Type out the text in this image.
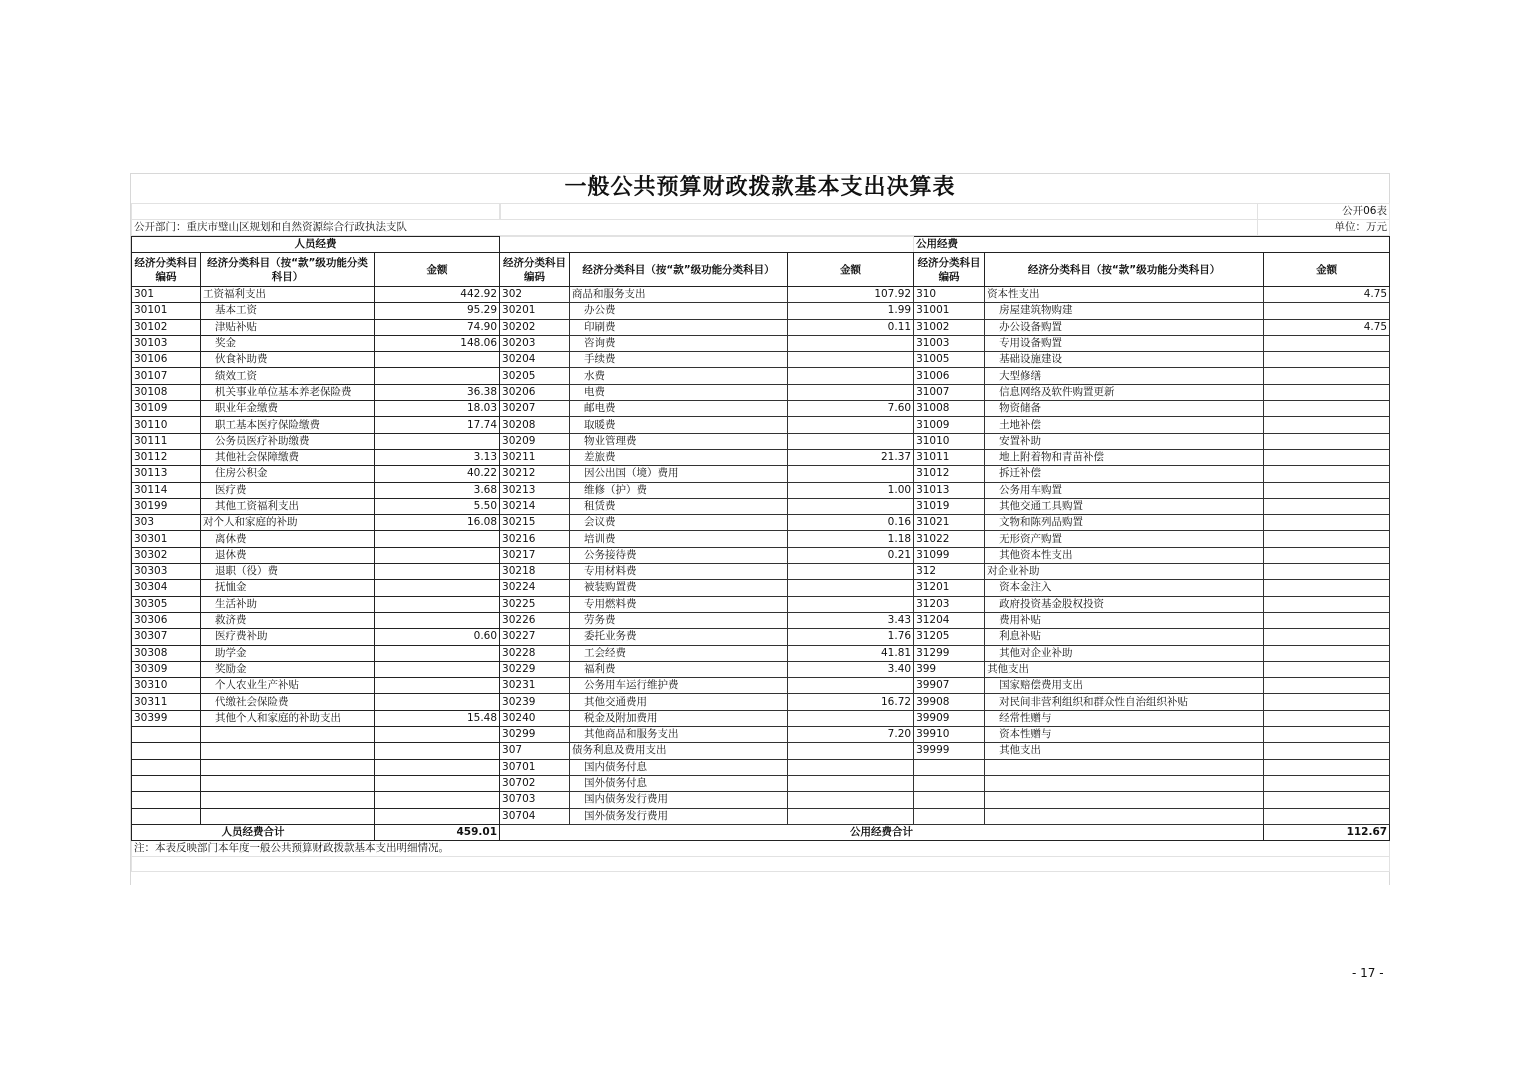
一般公共预算财政拨款基本支出决算表
			公开06表
公开部门：重庆市璧山区规划和自然资源综合行政执法支队		单位：万元
人员经费						公用经费		
经济分类科目编码	经济分类科目（按“款”级功能分类科目）	金额	经济分类科目编码	经济分类科目（按“款”级功能分类科目）	金额	经济分类科目编码	经济分类科目（按“款”级功能分类科目）	金额
301	工资福利支出	442.92	302	商品和服务支出	107.92	310	资本性支出	4.75
30101	基本工资	95.29	30201	办公费	1.99	31001	房屋建筑物购建	
30102	津贴补贴	74.90	30202	印刷费	0.11	31002	办公设备购置	4.75
30103	奖金	148.06	30203	咨询费		31003	专用设备购置	
30106	伙食补助费		30204	手续费		31005	基础设施建设	
30107	绩效工资		30205	水费		31006	大型修缮	
30108	机关事业单位基本养老保险费	36.38	30206	电费		31007	信息网络及软件购置更新	
30109	职业年金缴费	18.03	30207	邮电费	7.60	31008	物资储备	
30110	职工基本医疗保险缴费	17.74	30208	取暖费		31009	土地补偿	
30111	公务员医疗补助缴费		30209	物业管理费		31010	安置补助	
30112	其他社会保障缴费	3.13	30211	差旅费	21.37	31011	地上附着物和青苗补偿	
30113	住房公积金	40.22	30212	因公出国（境）费用		31012	拆迁补偿	
30114	医疗费	3.68	30213	维修（护）费	1.00	31013	公务用车购置	
30199	其他工资福利支出	5.50	30214	租赁费		31019	其他交通工具购置	
303	对个人和家庭的补助	16.08	30215	会议费	0.16	31021	文物和陈列品购置	
30301	离休费		30216	培训费	1.18	31022	无形资产购置	
30302	退休费		30217	公务接待费	0.21	31099	其他资本性支出	
30303	退职（役）费		30218	专用材料费		312	对企业补助	
30304	抚恤金		30224	被装购置费		31201	资本金注入	
30305	生活补助		30225	专用燃料费		31203	政府投资基金股权投资	
30306	救济费		30226	劳务费	3.43	31204	费用补贴	
30307	医疗费补助	0.60	30227	委托业务费	1.76	31205	利息补贴	
30308	助学金		30228	工会经费	41.81	31299	其他对企业补助	
30309	奖励金		30229	福利费	3.40	399	其他支出	
30310	个人农业生产补贴		30231	公务用车运行维护费		39907	国家赔偿费用支出	
30311	代缴社会保险费		30239	其他交通费用	16.72	39908	对民间非营利组织和群众性自治组织补贴	
30399	其他个人和家庭的补助支出	15.48	30240	税金及附加费用		39909	经常性赠与	
			30299	其他商品和服务支出	7.20	39910	资本性赠与	
			307	债务利息及费用支出		39999	其他支出	
			30701	国内债务付息				
			30702	国外债务付息				
			30703	国内债务发行费用				
			30704	国外债务发行费用				
人员经费合计		459.01	公用经费合计					112.67
注：本表反映部门本年度一般公共预算财政拨款基本支出明细情况。								

- 17 -
